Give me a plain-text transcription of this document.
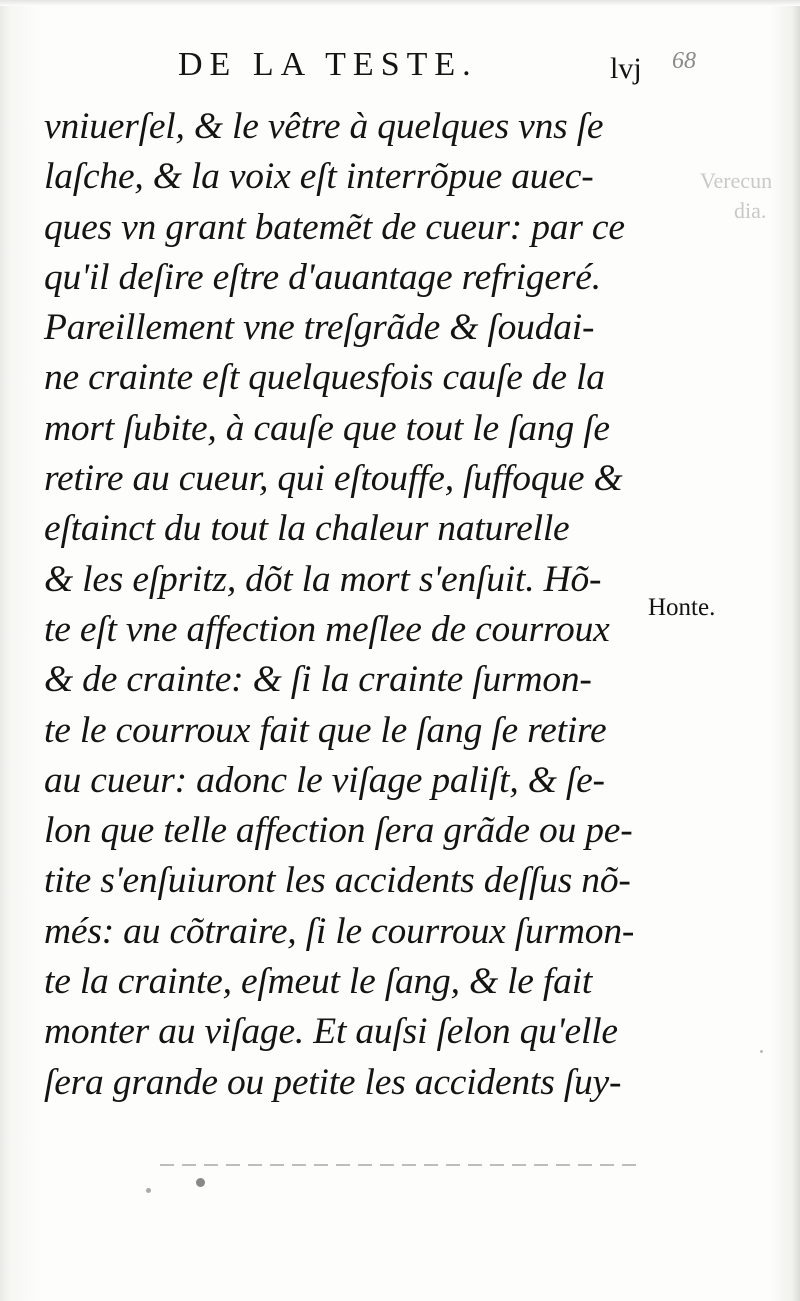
DE LA TESTE.	lvj 68
Verecun
dia.
vniuerſel, & le vêtre à quelques vns ſe
laſche, & la voix eſt interrõpue auec-
ques vn grant batemẽt de cueur: par ce
qu'il deſire eſtre d'auantage refrigeré.
Pareillement vne treſgrãde & ſoudai-
ne crainte eſt quelquesfois cauſe de la
mort ſubite, à cauſe que tout le ſang ſe
retire au cueur, qui eſtouffe, ſuffoque &
eſtainct du tout la chaleur naturelle
& les eſpritz, dõt la mort s'enſuit. Hõ-
te eſt vne affection meſlee de courroux
& de crainte: & ſi la crainte ſurmon-
te le courroux fait que le ſang ſe retire
au cueur: adonc le viſage paliſt, & ſe-
lon que telle affection ſera grãde ou pe-
tite s'enſuiuront les accidents deſſus nõ-
més: au cõtraire, ſi le courroux ſurmon-
te la crainte, eſmeut le ſang, & le fait
monter au viſage. Et auſsi ſelon qu'elle
ſera grande ou petite les accidents ſuy-
Honte.
